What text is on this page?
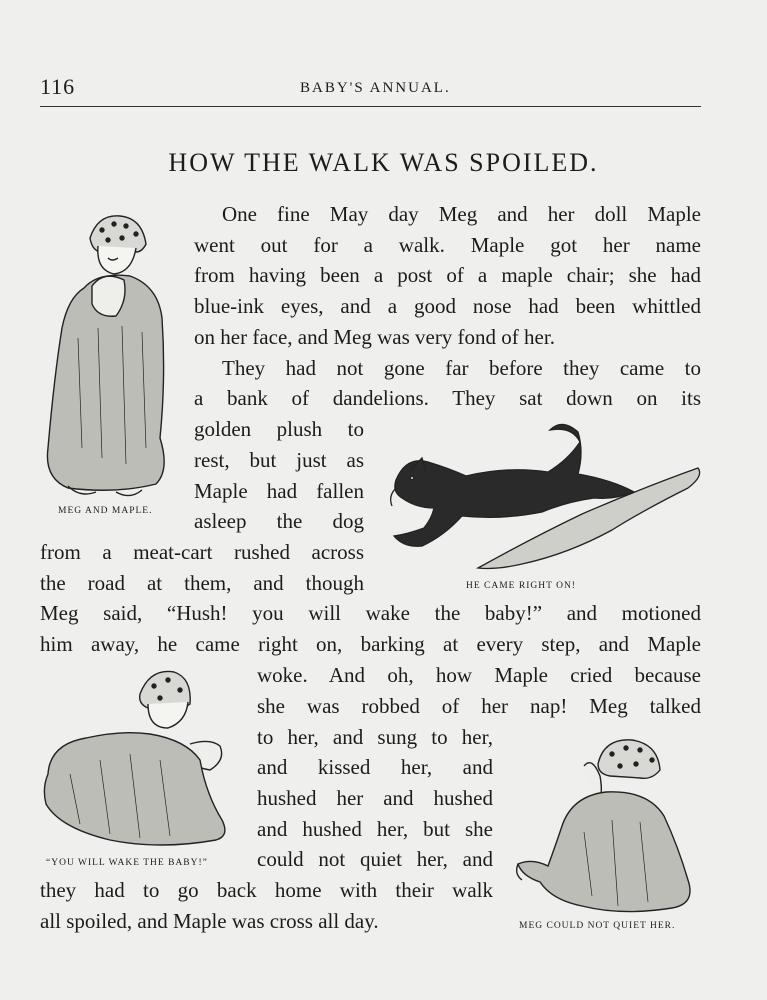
116	BABY'S ANNUAL.
HOW THE WALK WAS SPOILED.
One fine May day Meg and her doll Maple
went out for a walk. Maple got her name
from having been a post of a maple chair; she had
blue-ink eyes, and a good nose had been whittled
on her face, and Meg was very fond of her.
They had not gone far before they came to
a bank of dandelions. They sat down on its
golden plush to
rest, but just as
Maple had fallen
asleep the dog
from a meat-cart rushed across
the road at them, and though
Meg said, “Hush! you will wake the baby!” and motioned
him away, he came right on, barking at every step, and Maple
woke. And oh, how Maple cried because
she was robbed of her nap! Meg talked
to her, and sung to her,
and kissed her, and
hushed her and hushed
and hushed her, but she
could not quiet her, and
they had to go back home with their walk
all spoiled, and Maple was cross all day.
MEG AND MAPLE.
HE CAME RIGHT ON!
“YOU WILL WAKE THE BABY!”
MEG COULD NOT QUIET HER.
